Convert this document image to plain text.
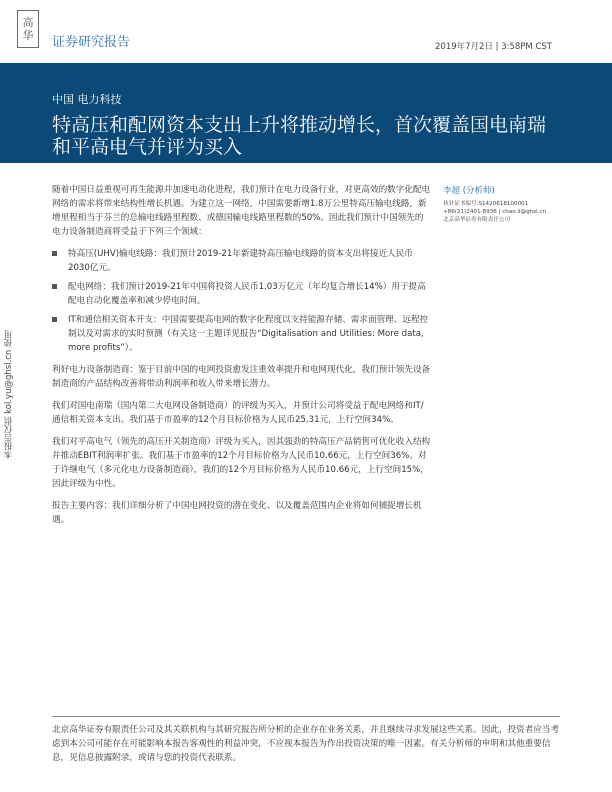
高
华 证券研究报告	2019年7月2日 | 3:58PM CST
中国 电力科技
特高压和配网资本支出上升将推动增长，首次覆盖国电南瑞和平高电气并评为买入
本报告仅供 kol.yu@ghsl.cn 使用
李超 (分析师)
执业证书编号:S1420618100001
+86(21)2401-8936 | chao.li@ghsl.cn
北京高华证券有限责任公司

随着中国日益重视可再生能源并加速电动化进程，我们预计在电力设备行业，对更高效的数字化配电网络的需求将带来结构性增长机遇。为建立这一网络，中国需要新增1.8万公里特高压输电线路，新增里程相当于芬兰的总输电线路里程数、或德国输电线路里程数的50%。因此我们预计中国领先的电力设备制造商将受益于下列三个领域：

特高压(UHV)输电线路：我们预计2019-21年新建特高压输电线路的资本支出将接近人民币2030亿元。
配电网络：我们预计2019-21年中国将投资人民币1.03万亿元（年均复合增长14%）用于提高配电自动化覆盖率和减少停电时间。
IT和通信相关资本开支：中国需要提高电网的数字化程度以支持能源存储、需求面管理、远程控制以及对需求的实时预测（有关这一主题详见报告“Digitalisation and Utilities: More data, more profits”）。

利好电力设备制造商：鉴于目前中国的电网投资愈发注重效率提升和电网现代化，我们预计领先设备制造商的产品结构改善将带动利润率和收入带来增长潜力。

我们对国电南瑞（国内第二大电网设备制造商）的评级为买入，并预计公司将受益于配电网络和IT/通信相关资本支出。我们基于市盈率的12个月目标价格为人民币25.31元，上行空间34%。

我们对平高电气（领先的高压开关制造商）评级为买入，因其强劲的特高压产品销售可优化收入结构并推动EBIT利润率扩张。我们基于市盈率的12个月目标价格为人民币10.66元，上行空间36%。对于许继电气（多元化电力设备制造商），我们的12个月目标价格为人民币10.66元，上行空间15%，因此评级为中性。

报告主要内容：我们详细分析了中国电网投资的潜在变化、以及覆盖范围内企业将如何捕捉增长机遇。

北京高华证券有限责任公司及其关联机构与其研究报告所分析的企业存在业务关系，并且继续寻求发展这些关系。因此，投资者应当考虑到本公司可能存在可能影响本报告客观性的利益冲突，不应视本报告为作出投资决策的唯一因素。有关分析师的申明和其他重要信息，见信息披露附录，或请与您的投资代表联系。
